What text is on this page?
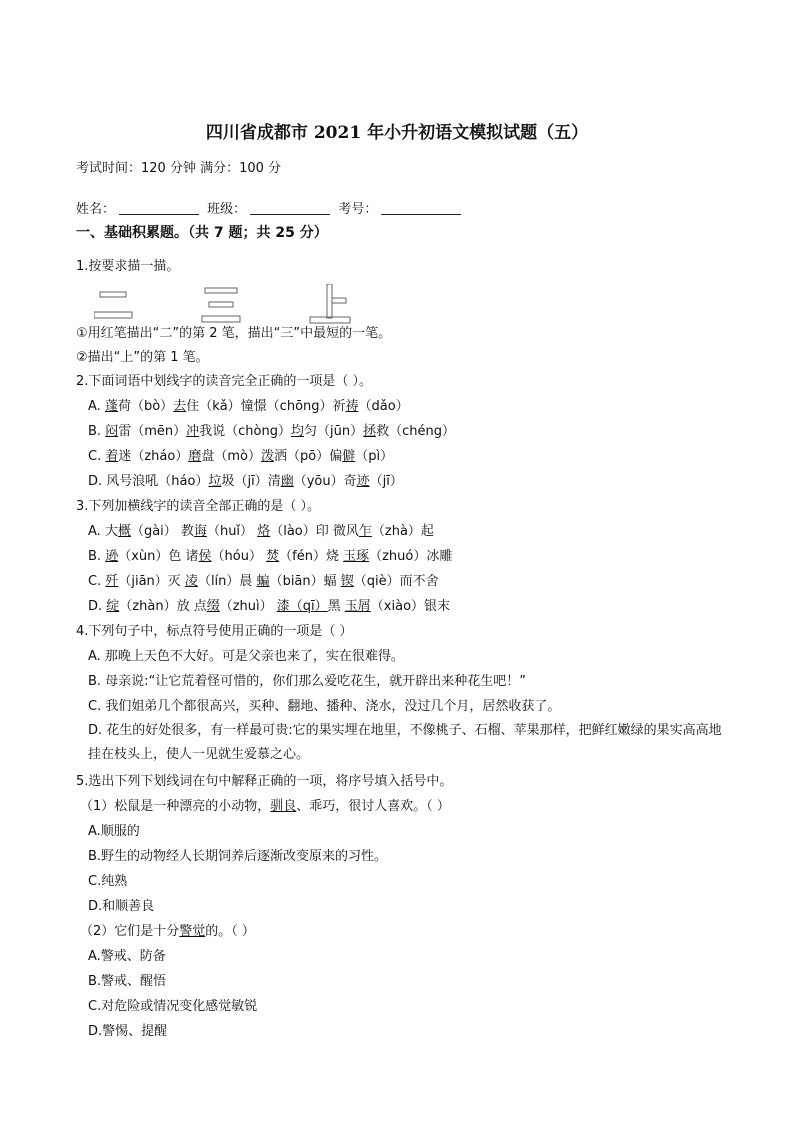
四川省成都市 2021 年小升初语文模拟试题（五）
考试时间：120 分钟 满分：100 分
姓名：	班级：	考号：
一、基础积累题。（共 7 题；共 25 分）
1.按要求描一描。
①用红笔描出“二”的第 2 笔，描出“三”中最短的一笔。
②描出“上”的第 1 笔。
2.下面词语中划线字的读音完全正确的一项是（ ）。
A. 蓬荷（bò）去住（kǎ）憧憬（chōng）祈祷（dǎo）
B. 闷雷（mēn）冲我说（chòng）均匀（jūn）拯救（chéng）
C. 着迷（zháo）磨盘（mò）泼洒（pō）偏僻（pì）
D. 风号浪吼（háo）垃圾（jī）清幽（yōu）奇迹（jī）
3.下列加横线字的读音全部正确的是（ ）。
A. 大概（gài） 教诲（huǐ） 烙（lào）印 微风乍（zhà）起
B. 逊（xùn）色 诸侯（hóu） 焚（fén）烧 玉琢（zhuó）冰雕
C. 歼（jiān）灭 凌（lín）晨 蝙（biān）蝠 锲（qiè）而不舍
D. 绽（zhàn）放 点缀（zhuì） 漆（qī）黑 玉屑（xiào）银末
4.下列句子中，标点符号使用正确的一项是（ ）
A. 那晚上天色不大好。可是父亲也来了，实在很难得。
B. 母亲说:“让它荒着怪可惜的，你们那么爱吃花生，就开辟出来种花生吧！”
C. 我们姐弟几个都很高兴，买种、翻地、播种、浇水，没过几个月，居然收获了。
D. 花生的好处很多，有一样最可贵:它的果实埋在地里，不像桃子、石榴、苹果那样，把鲜红嫩绿的果实高高地挂在枝头上，使人一见就生爱慕之心。
5.选出下列下划线词在句中解释正确的一项，将序号填入括号中。
（1）松鼠是一种漂亮的小动物，驯良、乖巧，很讨人喜欢。（ ）
A.顺服的
B.野生的动物经人长期饲养后逐渐改变原来的习性。
C.纯熟
D.和顺善良
（2）它们是十分警觉的。（ ）
A.警戒、防备
B.警戒、醒悟
C.对危险或情况变化感觉敏锐
D.警惕、提醒
